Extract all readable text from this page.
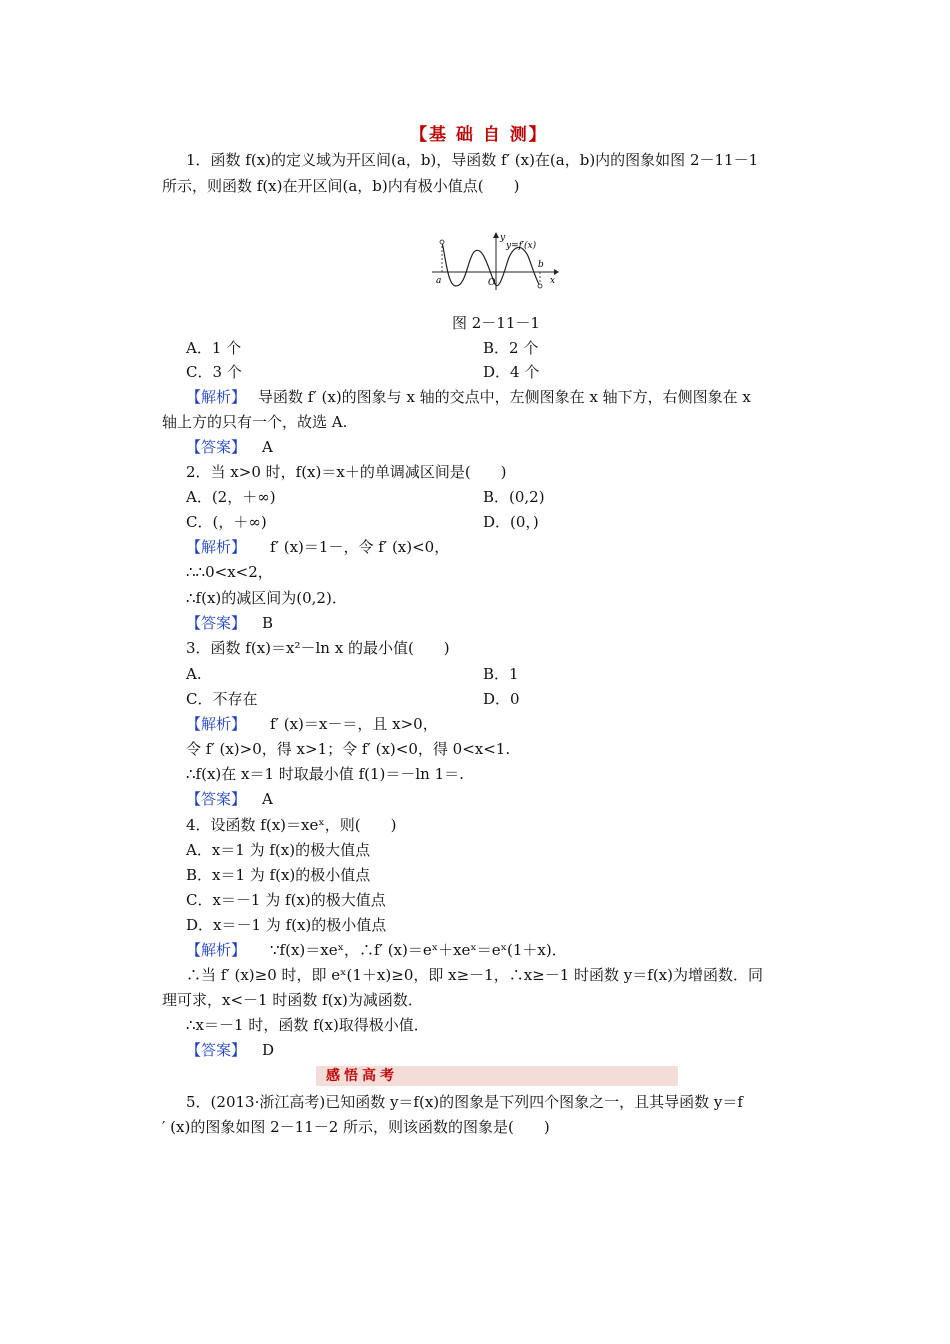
【基 础 自 测】
1．函数 f(x)的定义域为开区间(a，b)，导函数 f′ (x)在(a，b)内的图象如图 2－11－1
所示，则函数 f(x)在开区间(a，b)内有极小值点(　　)
y
y=f′(x)
a	O
b
x
图 2－11－1
A．1 个	B．2 个
C．3 个	D．4 个
【解析】 导函数 f′ (x)的图象与 x 轴的交点中，左侧图象在 x 轴下方，右侧图象在 x
轴上方的只有一个，故选 A.
【答案】 A
2．当 x>0 时，f(x)＝x＋的单调减区间是(　　)
A．(2，＋∞)	B．(0,2)
C．(，＋∞)	D．(0，)
【解析】 f′ (x)＝1－，令 f′ (x)<0，
∴∴0<x<2，
∴f(x)的减区间为(0,2)．
【答案】 B
3．函数 f(x)＝x²－ln x 的最小值(　　)
A.	B．1
C．不存在	D．0
【解析】 f′ (x)＝x－＝，且 x>0，
令 f′ (x)>0，得 x>1；令 f′ (x)<0，得 0<x<1.
∴f(x)在 x＝1 时取最小值 f(1)＝－ln 1＝.
【答案】 A
4．设函数 f(x)＝xeˣ，则(　　)
A．x＝1 为 f(x)的极大值点
B．x＝1 为 f(x)的极小值点
C．x＝－1 为 f(x)的极大值点
D．x＝－1 为 f(x)的极小值点
【解析】 ∵f(x)＝xeˣ，∴f′ (x)＝eˣ＋xeˣ＝eˣ(1＋x)．
∴当 f′ (x)≥0 时，即 eˣ(1＋x)≥0，即 x≥－1，∴x≥－1 时函数 y＝f(x)为增函数．同
理可求，x<－1 时函数 f(x)为减函数．
∴x＝－1 时，函数 f(x)取得极小值．
【答案】 D
感悟高考
5．(2013·浙江高考)已知函数 y＝f(x)的图象是下列四个图象之一，且其导函数 y＝f
′ (x)的图象如图 2－11－2 所示，则该函数的图象是(　　)
